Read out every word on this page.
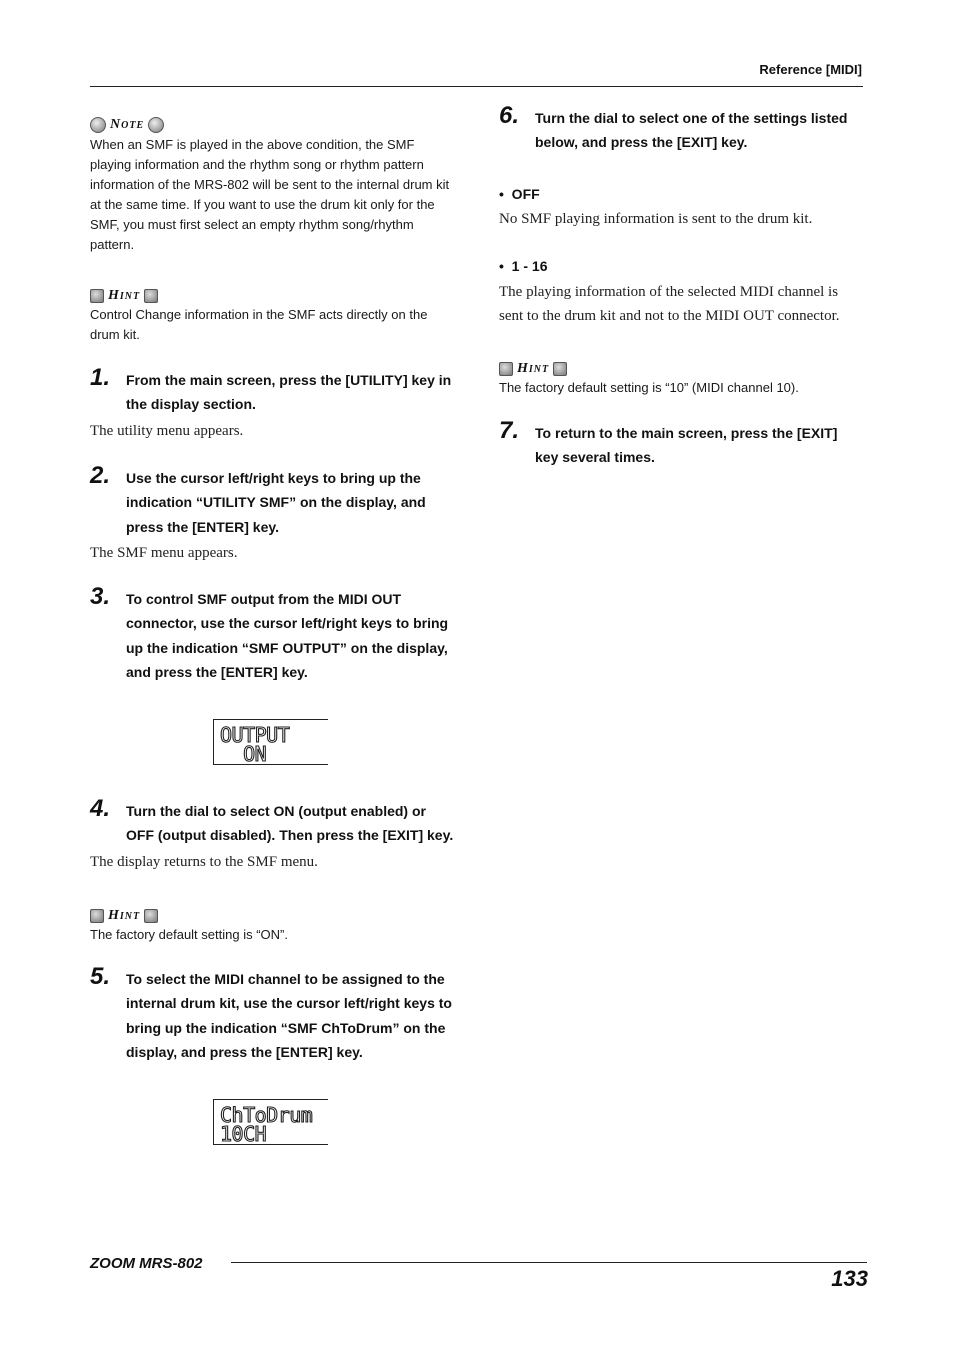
Reference [MIDI]
Note
When an SMF is played in the above condition, the SMF playing information and the rhythm song or rhythm pattern information of the MRS-802 will be sent to the internal drum kit at the same time. If you want to use the drum kit only for the SMF, you must first select an empty rhythm song/rhythm pattern.
Hint
Control Change information in the SMF acts directly on the drum kit.
1. From the main screen, press the [UTILITY] key in the display section.
The utility menu appears.
2. Use the cursor left/right keys to bring up the indication “UTILITY SMF” on the display, and press the [ENTER] key.
The SMF menu appears.
3. To control SMF output from the MIDI OUT connector, use the cursor left/right keys to bring up the indication “SMF OUTPUT” on the display, and press the [ENTER] key.
OUTPUT
ON
4. Turn the dial to select ON (output enabled) or OFF (output disabled). Then press the [EXIT] key.
The display returns to the SMF menu.
Hint
The factory default setting is “ON”.
5. To select the MIDI channel to be assigned to the internal drum kit, use the cursor left/right keys to bring up the indication “SMF ChToDrum” on the display, and press the [ENTER] key.
ChToDrum
10CH
6. Turn the dial to select one of the settings listed below, and press the [EXIT] key.
•  OFF
No SMF playing information is sent to the drum kit.
•  1 - 16
The playing information of the selected MIDI channel is sent to the drum kit and not to the MIDI OUT connector.
Hint
The factory default setting is “10” (MIDI channel 10).
7. To return to the main screen, press the [EXIT] key several times.
ZOOM MRS-802
133
